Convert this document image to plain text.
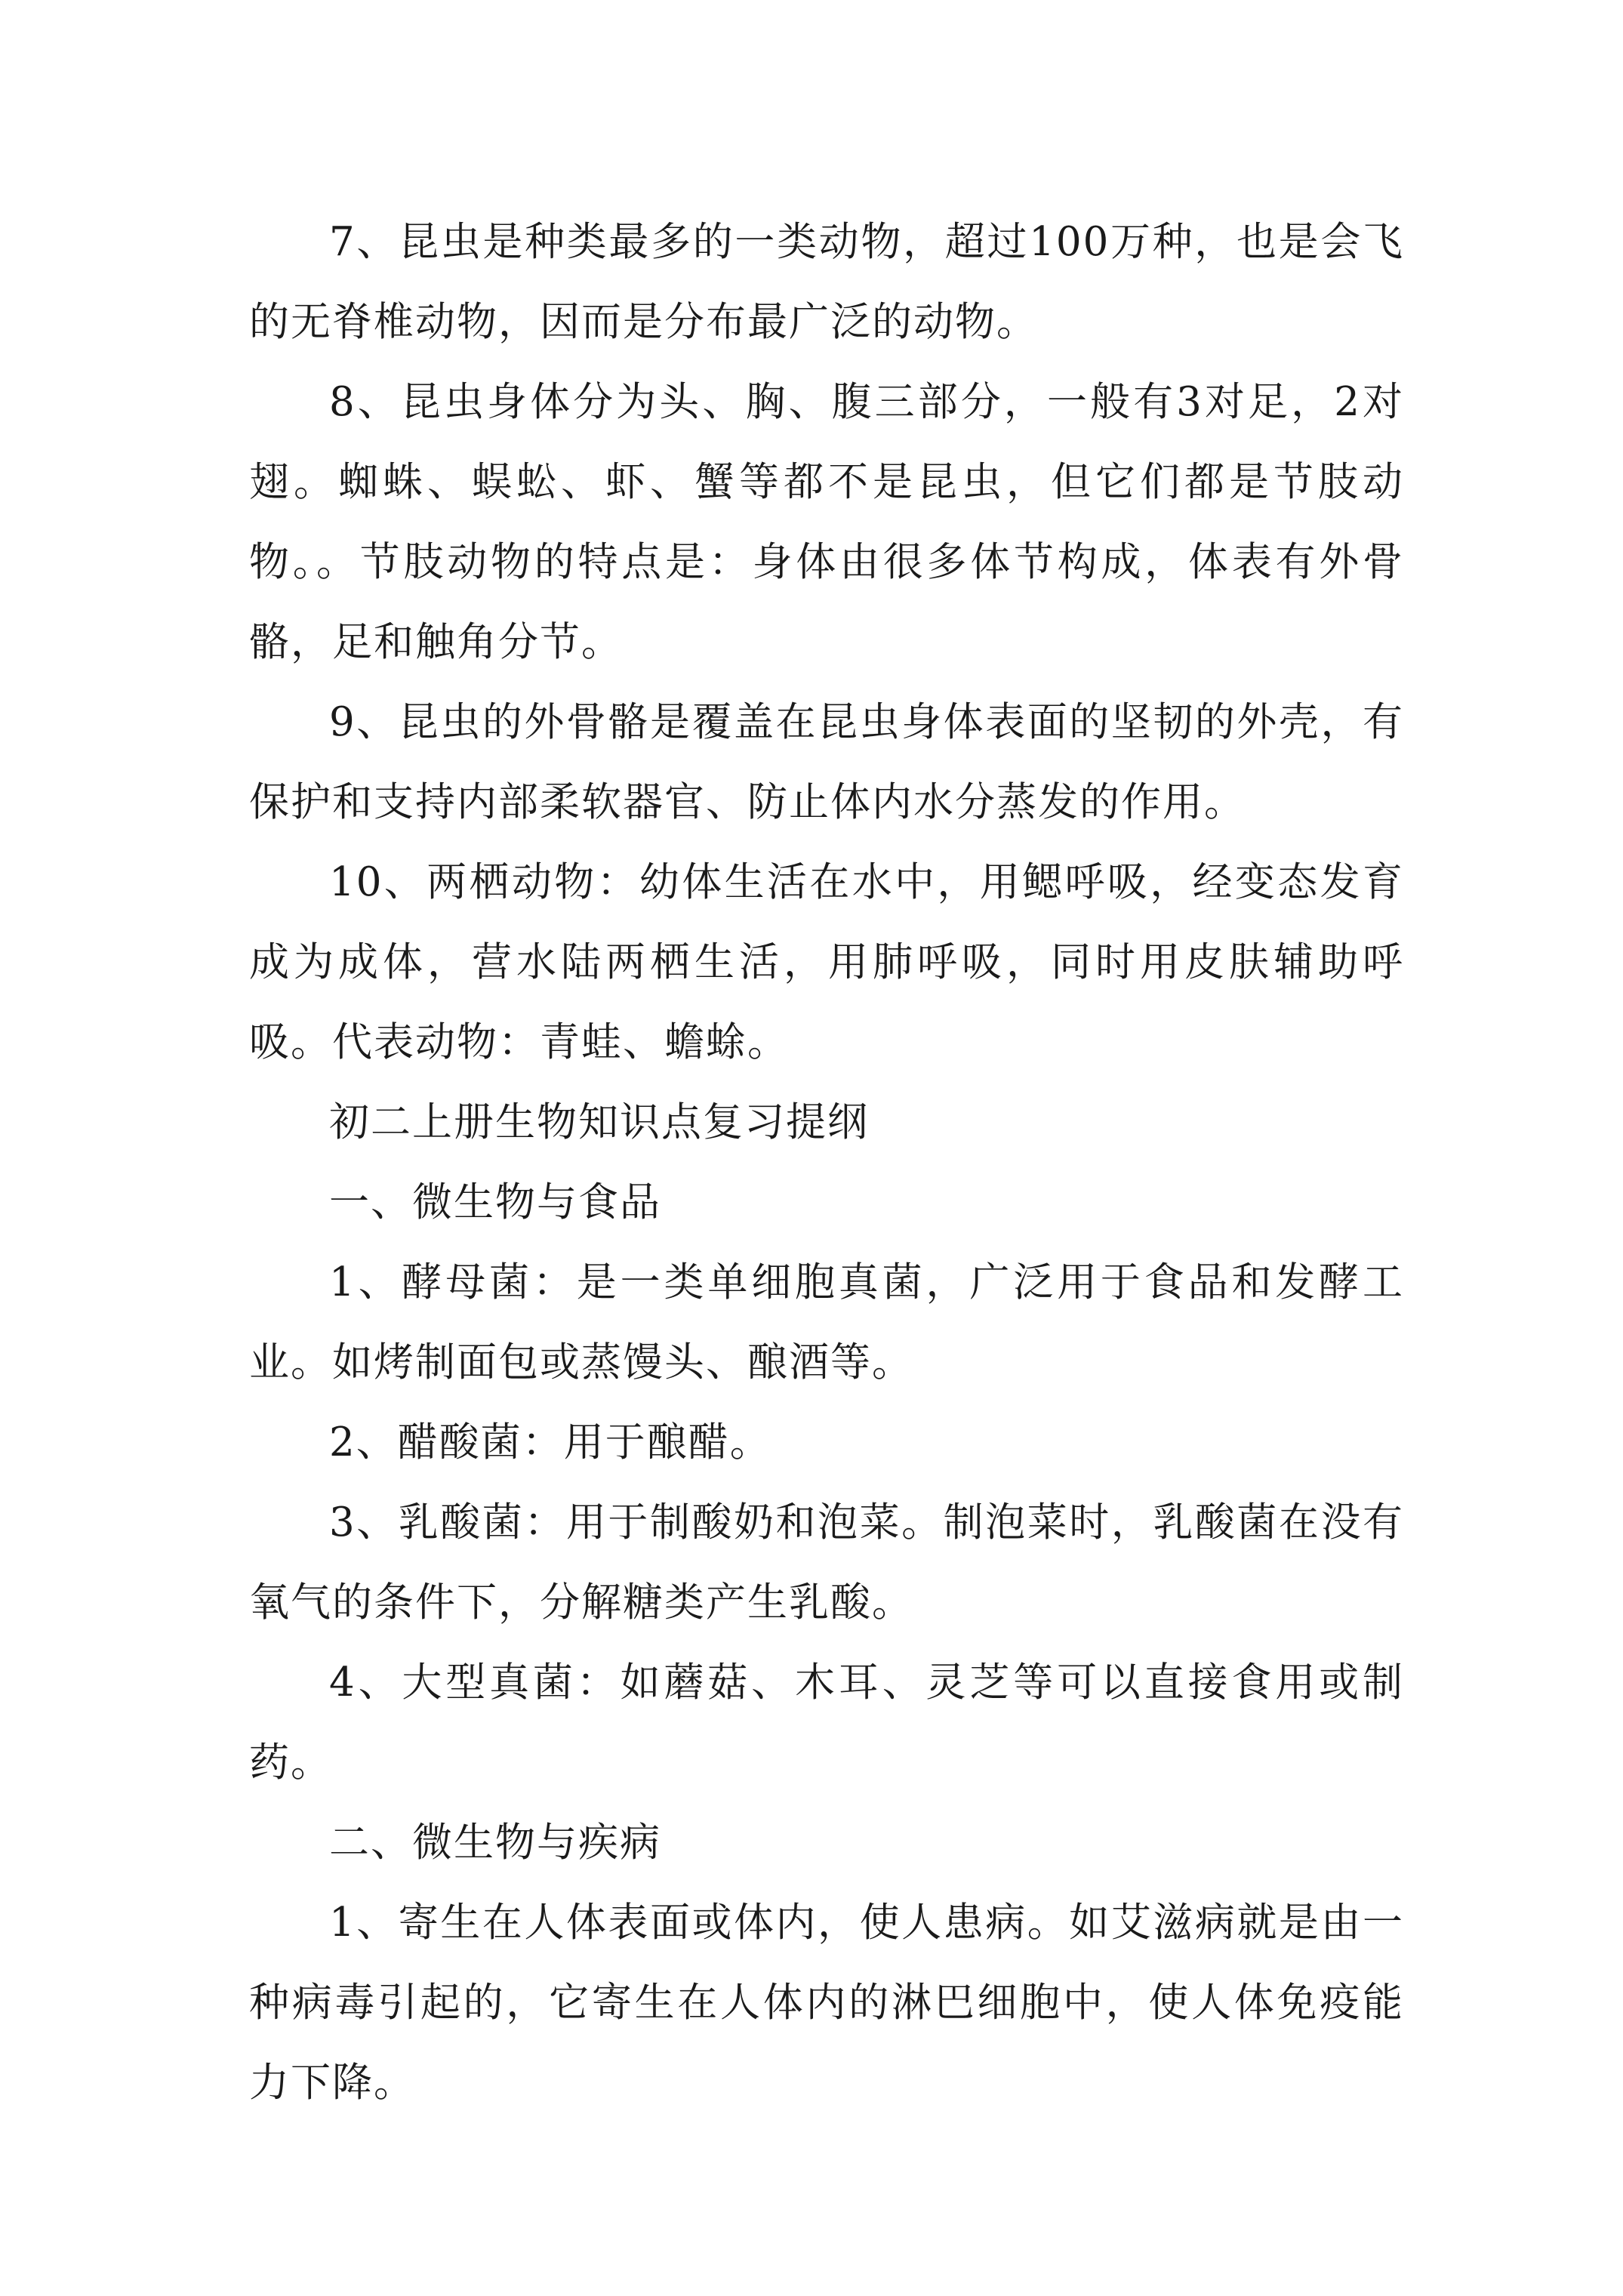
7、昆虫是种类最多的一类动物，超过100万种，也是会飞的无脊椎动物，因而是分布最广泛的动物。

8、昆虫身体分为头、胸、腹三部分，一般有3对足，2对翅。蜘蛛、蜈蚣、虾、蟹等都不是昆虫，但它们都是节肢动物。。节肢动物的特点是：身体由很多体节构成，体表有外骨骼，足和触角分节。

9、昆虫的外骨骼是覆盖在昆虫身体表面的坚韧的外壳，有保护和支持内部柔软器官、防止体内水分蒸发的作用。

10、两栖动物：幼体生活在水中，用鳃呼吸，经变态发育成为成体，营水陆两栖生活，用肺呼吸，同时用皮肤辅助呼吸。代表动物：青蛙、蟾蜍。

初二上册生物知识点复习提纲

一、微生物与食品

1、酵母菌：是一类单细胞真菌，广泛用于食品和发酵工业。如烤制面包或蒸馒头、酿酒等。

2、醋酸菌：用于酿醋。

3、乳酸菌：用于制酸奶和泡菜。制泡菜时，乳酸菌在没有氧气的条件下，分解糖类产生乳酸。

4、大型真菌：如蘑菇、木耳、灵芝等可以直接食用或制药。

二、微生物与疾病

1、寄生在人体表面或体内，使人患病。如艾滋病就是由一种病毒引起的，它寄生在人体内的淋巴细胞中，使人体免疫能力下降。
